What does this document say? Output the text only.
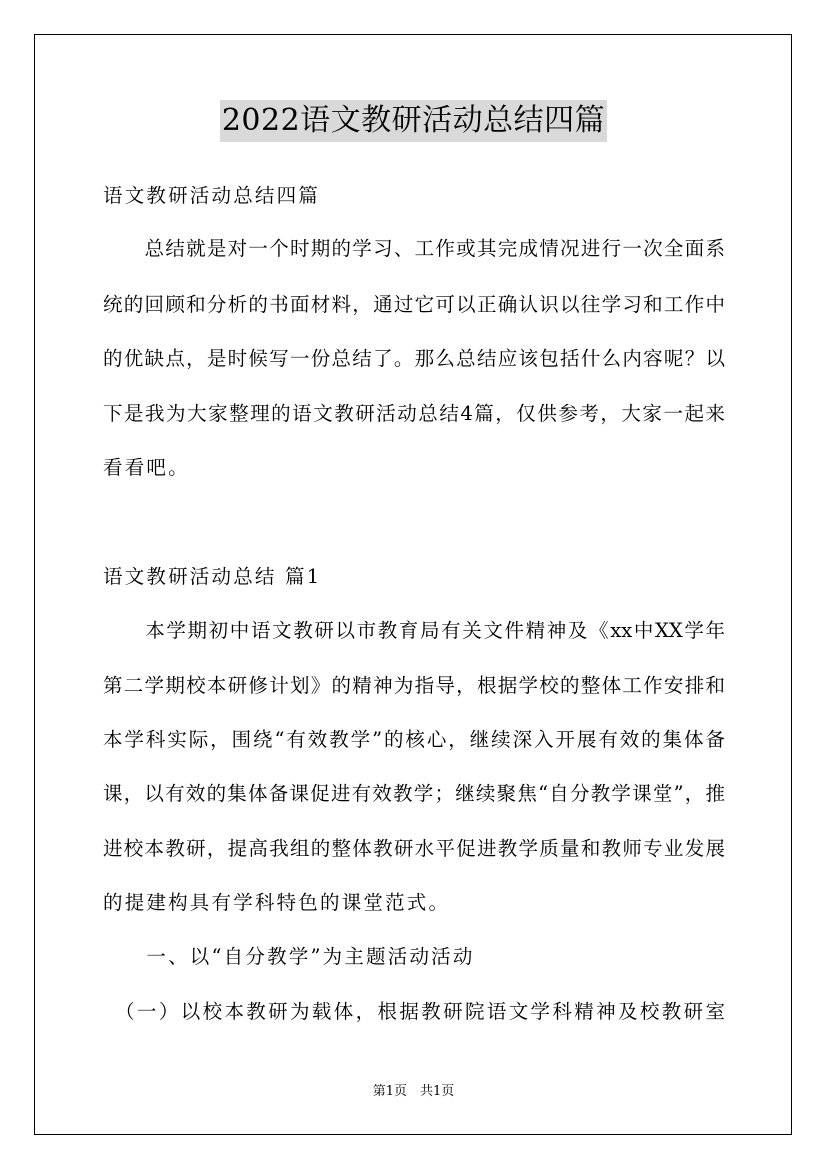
2022语文教研活动总结四篇
语文教研活动总结四篇
　　总结就是对一个时期的学习、工作或其完成情况进行一次全面系
统的回顾和分析的书面材料，通过它可以正确认识以往学习和工作中
的优缺点，是时候写一份总结了。那么总结应该包括什么内容呢？以
下是我为大家整理的语文教研活动总结4篇，仅供参考，大家一起来
看看吧。
语文教研活动总结 篇1
　　本学期初中语文教研以市教育局有关文件精神及《xx中XX学年
第二学期校本研修计划》的精神为指导，根据学校的整体工作安排和
本学科实际，围绕“有效教学”的核心，继续深入开展有效的集体备
课，以有效的集体备课促进有效教学；继续聚焦“自分教学课堂”，推
进校本教研，提高我组的整体教研水平促进教学质量和教师专业发展
的提建构具有学科特色的课堂范式。
　　一、以“自分教学”为主题活动活动
　（一）以校本教研为载体，根据教研院语文学科精神及校教研室
第1页　共1页
